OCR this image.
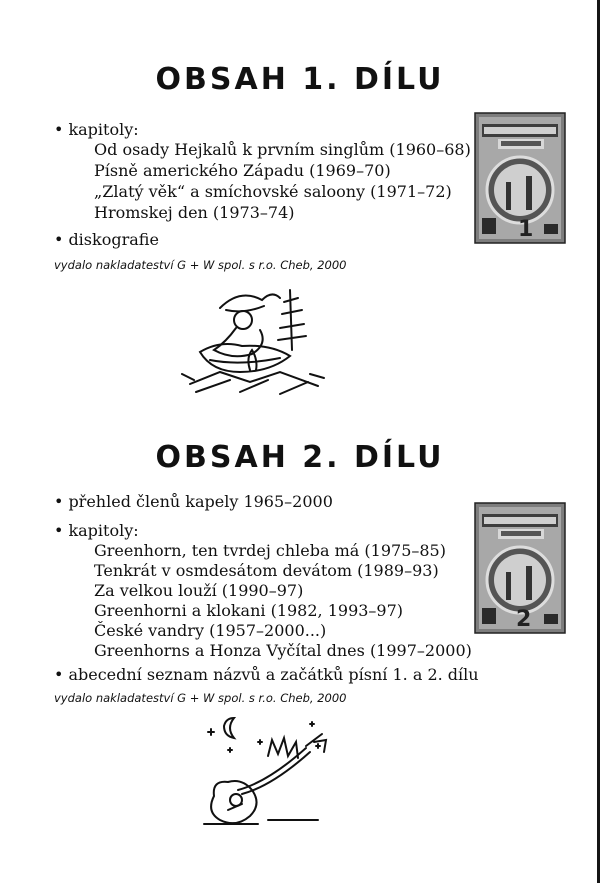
OBSAH 1. DÍLU
• kapitoly:
Od osady Hejkalů k prvním singlům (1960–68)
Písně amerického Západu (1969–70)
„Zlatý věk“ a smíchovské saloony (1971–72)
Hromskej den (1973–74)
• diskografie
vydalo nakladateství G + W spol. s r.o. Cheb, 2000
1
OBSAH 2. DÍLU
• přehled členů kapely 1965–2000
• kapitoly:
Greenhorn, ten tvrdej chleba má (1975–85)
Tenkrát v osmdesátom devátom (1989–93)
Za velkou louží (1990–97)
Greenhorni a klokani (1982, 1993–97)
České vandry (1957–2000...)
Greenhorns a Honza Vyčítal dnes (1997–2000)
• abecední seznam názvů a začátků písní 1. a 2. dílu
vydalo nakladateství G + W spol. s r.o. Cheb, 2000
2
